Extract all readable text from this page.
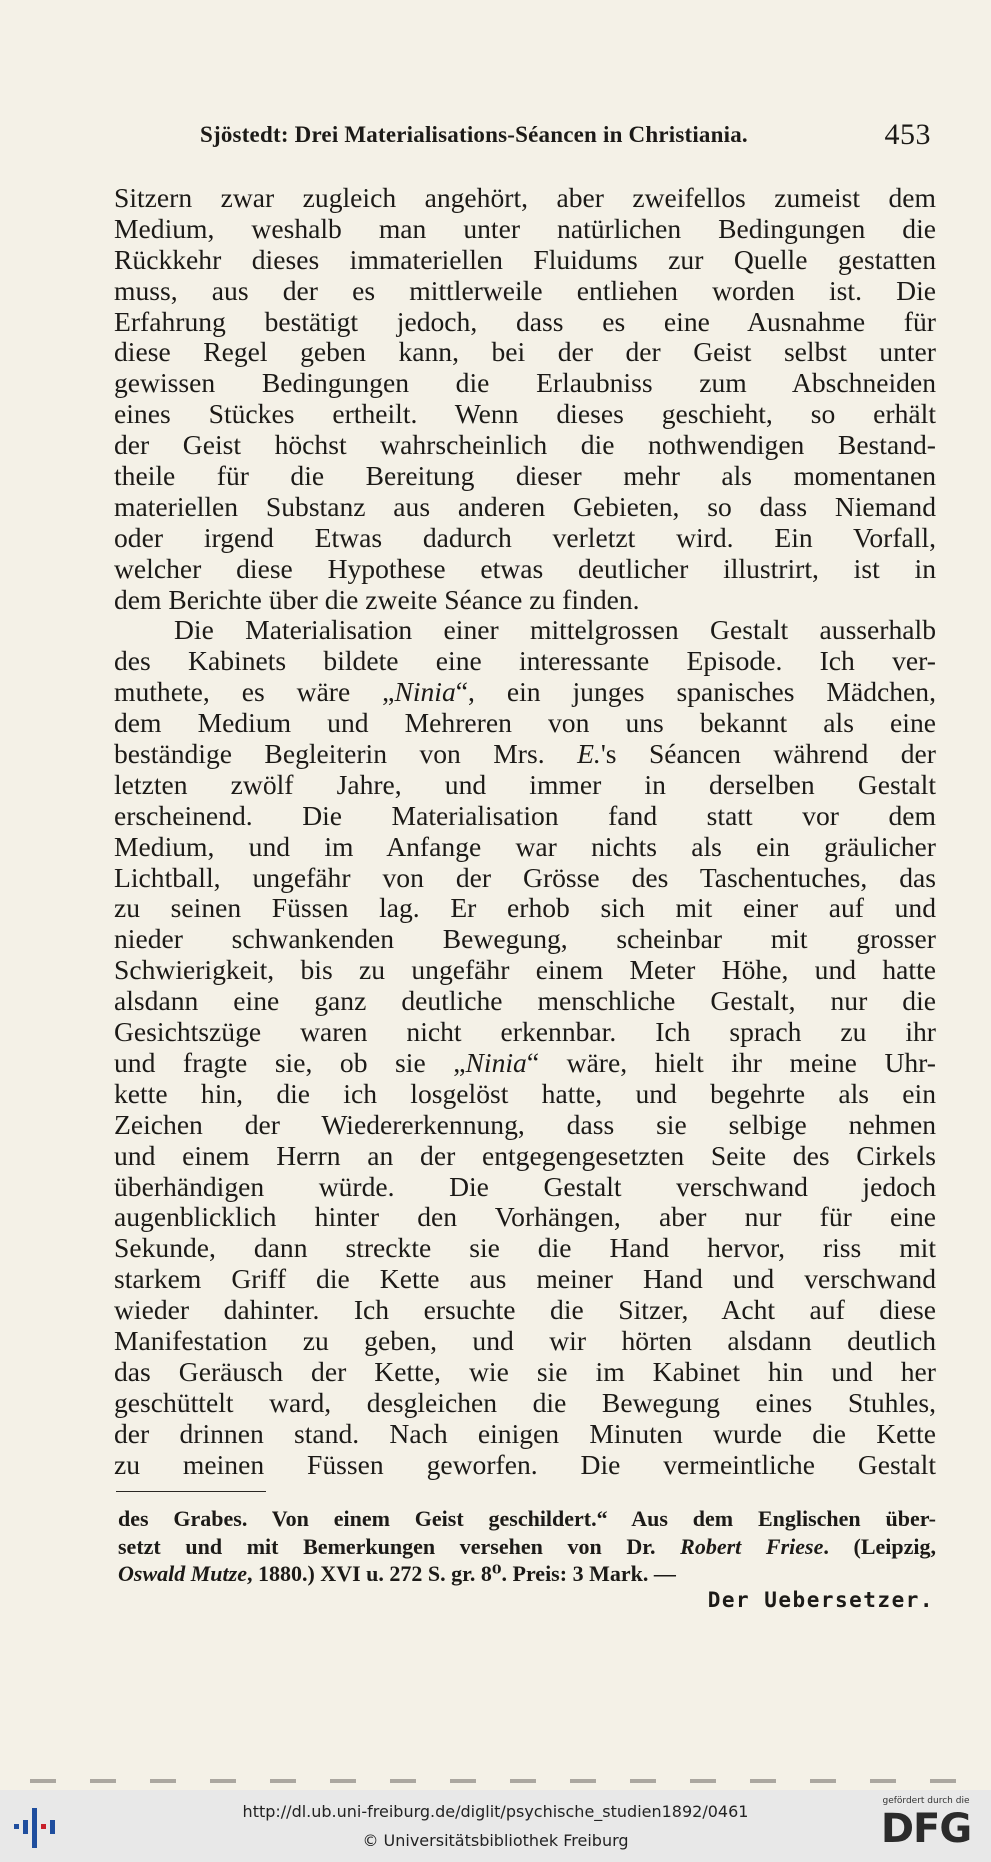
Sjöstedt: Drei Materialisations-Séancen in Christiania.	453
Sitzern zwar zugleich angehört, aber zweifellos zumeist dem
Medium, weshalb man unter natürlichen Bedingungen die
Rückkehr dieses immateriellen Fluidums zur Quelle gestatten
muss, aus der es mittlerweile entliehen worden ist. Die
Erfahrung bestätigt jedoch, dass es eine Ausnahme für
diese Regel geben kann, bei der der Geist selbst unter
gewissen Bedingungen die Erlaubniss zum Abschneiden
eines Stückes ertheilt. Wenn dieses geschieht, so erhält
der Geist höchst wahrscheinlich die nothwendigen Bestand-
theile für die Bereitung dieser mehr als momentanen
materiellen Substanz aus anderen Gebieten, so dass Niemand
oder irgend Etwas dadurch verletzt wird. Ein Vorfall,
welcher diese Hypothese etwas deutlicher illustrirt, ist in
dem Berichte über die zweite Séance zu finden.
Die Materialisation einer mittelgrossen Gestalt ausserhalb
des Kabinets bildete eine interessante Episode. Ich ver-
muthete, es wäre „Ninia“, ein junges spanisches Mädchen,
dem Medium und Mehreren von uns bekannt als eine
beständige Begleiterin von Mrs. E.'s Séancen während der
letzten zwölf Jahre, und immer in derselben Gestalt
erscheinend. Die Materialisation fand statt vor dem
Medium, und im Anfange war nichts als ein gräulicher
Lichtball, ungefähr von der Grösse des Taschentuches, das
zu seinen Füssen lag. Er erhob sich mit einer auf und
nieder schwankenden Bewegung, scheinbar mit grosser
Schwierigkeit, bis zu ungefähr einem Meter Höhe, und hatte
alsdann eine ganz deutliche menschliche Gestalt, nur die
Gesichtszüge waren nicht erkennbar. Ich sprach zu ihr
und fragte sie, ob sie „Ninia“ wäre, hielt ihr meine Uhr-
kette hin, die ich losgelöst hatte, und begehrte als ein
Zeichen der Wiedererkennung, dass sie selbige nehmen
und einem Herrn an der entgegengesetzten Seite des Cirkels
überhändigen würde. Die Gestalt verschwand jedoch
augenblicklich hinter den Vorhängen, aber nur für eine
Sekunde, dann streckte sie die Hand hervor, riss mit
starkem Griff die Kette aus meiner Hand und verschwand
wieder dahinter. Ich ersuchte die Sitzer, Acht auf diese
Manifestation zu geben, und wir hörten alsdann deutlich
das Geräusch der Kette, wie sie im Kabinet hin und her
geschüttelt ward, desgleichen die Bewegung eines Stuhles,
der drinnen stand. Nach einigen Minuten wurde die Kette
zu meinen Füssen geworfen. Die vermeintliche Gestalt
des Grabes. Von einem Geist geschildert.“ Aus dem Englischen über-
setzt und mit Bemerkungen versehen von Dr. Robert Friese. (Leipzig,
Oswald Mutze, 1880.) XVI u. 272 S. gr. 8⁰. Preis: 3 Mark. —
Der Uebersetzer.
http://dl.ub.uni-freiburg.de/diglit/psychische_studien1892/0461
© Universitätsbibliothek Freiburg
gefördert durch die
DFG
